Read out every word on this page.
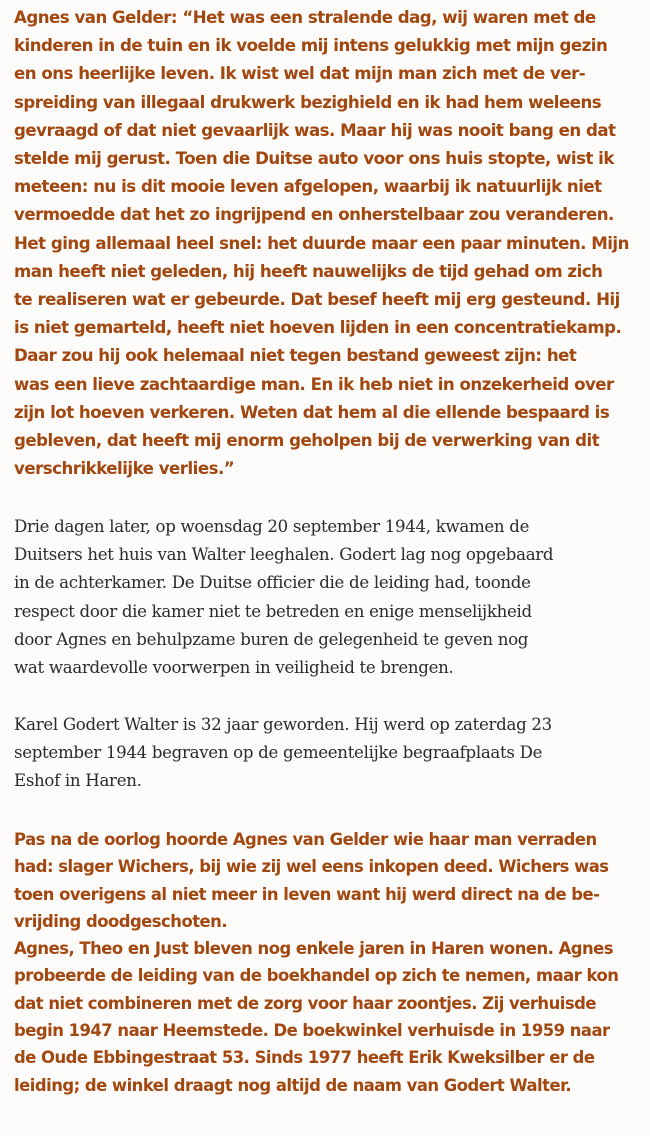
Agnes van Gelder: “Het was een stralende dag, wij waren met de
kinderen in de tuin en ik voelde mij intens gelukkig met mijn gezin
en ons heerlijke leven. Ik wist wel dat mijn man zich met de ver-
spreiding van illegaal drukwerk bezighield en ik had hem weleens
gevraagd of dat niet gevaarlijk was. Maar hij was nooit bang en dat
stelde mij gerust. Toen die Duitse auto voor ons huis stopte, wist ik
meteen: nu is dit mooie leven afgelopen, waarbij ik natuurlijk niet
vermoedde dat het zo ingrijpend en onherstelbaar zou veranderen.
Het ging allemaal heel snel: het duurde maar een paar minuten. Mijn
man heeft niet geleden, hij heeft nauwelijks de tijd gehad om zich
te realiseren wat er gebeurde. Dat besef heeft mij erg gesteund. Hij
is niet gemarteld, heeft niet hoeven lijden in een concentratiekamp.
Daar zou hij ook helemaal niet tegen bestand geweest zijn: het
was een lieve zachtaardige man. En ik heb niet in onzekerheid over
zijn lot hoeven verkeren. Weten dat hem al die ellende bespaard is
gebleven, dat heeft mij enorm geholpen bij de verwerking van dit
verschrikkelijke verlies.”
Drie dagen later, op woensdag 20 september 1944, kwamen de
Duitsers het huis van Walter leeghalen. Godert lag nog opgebaard
in de achterkamer. De Duitse officier die de leiding had, toonde
respect door die kamer niet te betreden en enige menselijkheid
door Agnes en behulpzame buren de gelegenheid te geven nog
wat waardevolle voorwerpen in veiligheid te brengen.
Karel Godert Walter is 32 jaar geworden. Hij werd op zaterdag 23
september 1944 begraven op de gemeentelijke begraafplaats De
Eshof in Haren.
Pas na de oorlog hoorde Agnes van Gelder wie haar man verraden
had: slager Wichers, bij wie zij wel eens inkopen deed. Wichers was
toen overigens al niet meer in leven want hij werd direct na de be-
vrijding doodgeschoten.
Agnes, Theo en Just bleven nog enkele jaren in Haren wonen. Agnes
probeerde de leiding van de boekhandel op zich te nemen, maar kon
dat niet combineren met de zorg voor haar zoontjes. Zij verhuisde
begin 1947 naar Heemstede. De boekwinkel verhuisde in 1959 naar
de Oude Ebbingestraat 53. Sinds 1977 heeft Erik Kweksilber er de
leiding; de winkel draagt nog altijd de naam van Godert Walter.
